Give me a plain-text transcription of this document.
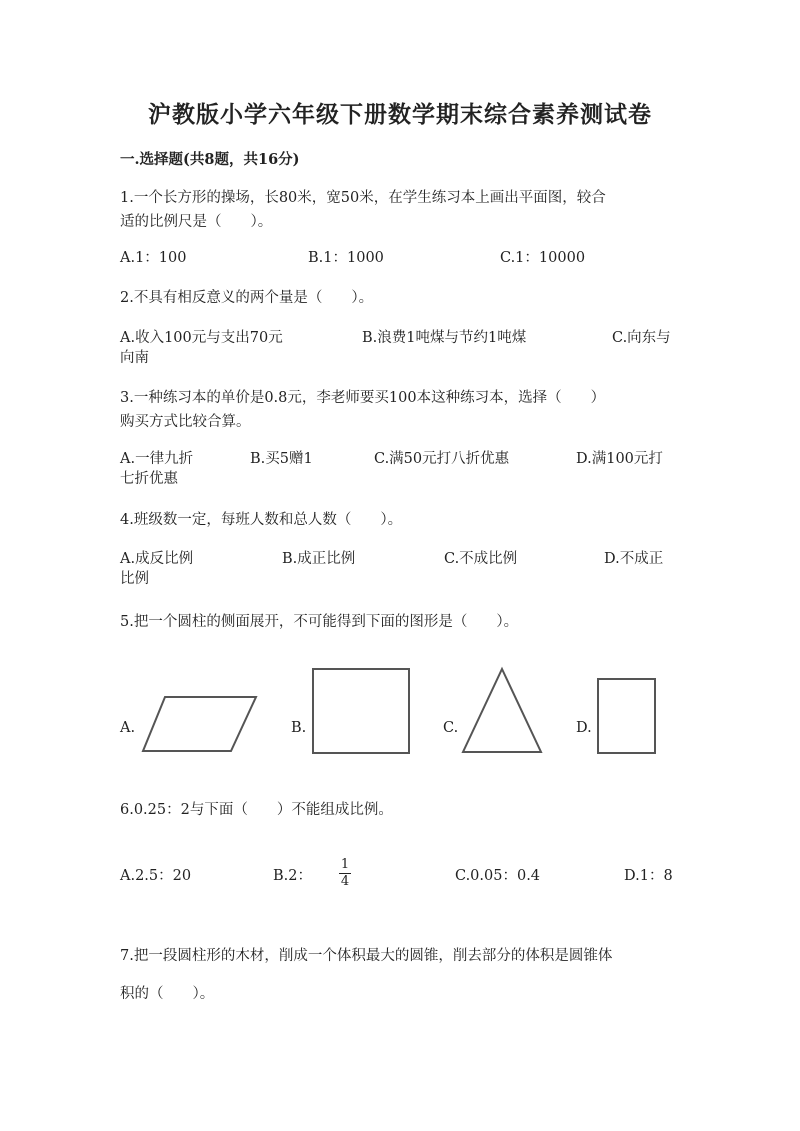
沪教版小学六年级下册数学期末综合素养测试卷
一.选择题(共8题，共16分)
1.一个长方形的操场，长80米，宽50米，在学生练习本上画出平面图，较合
适的比例尺是（　　）。
A.1：100	B.1：1000	C.1：10000
2.不具有相反意义的两个量是（　　）。
A.收入100元与支出70元	B.浪费1吨煤与节约1吨煤	C.向东与
向南
3.一种练习本的单价是0.8元，李老师要买100本这种练习本，选择（　　）
购买方式比较合算。
A.一律九折	B.买5赠1	C.满50元打八折优惠	D.满100元打
七折优惠
4.班级数一定，每班人数和总人数（　　）。
A.成反比例	B.成正比例	C.不成比例	D.不成正
比例
5.把一个圆柱的侧面展开，不可能得到下面的图形是（　　）。
A.	B.	C.	D.
6.0.25：2与下面（　　）不能组成比例。
A.2.5：20	B.2：
1
4	C.0.05：0.4	D.1：8
7.把一段圆柱形的木材，削成一个体积最大的圆锥，削去部分的体积是圆锥体
积的（　　）。
